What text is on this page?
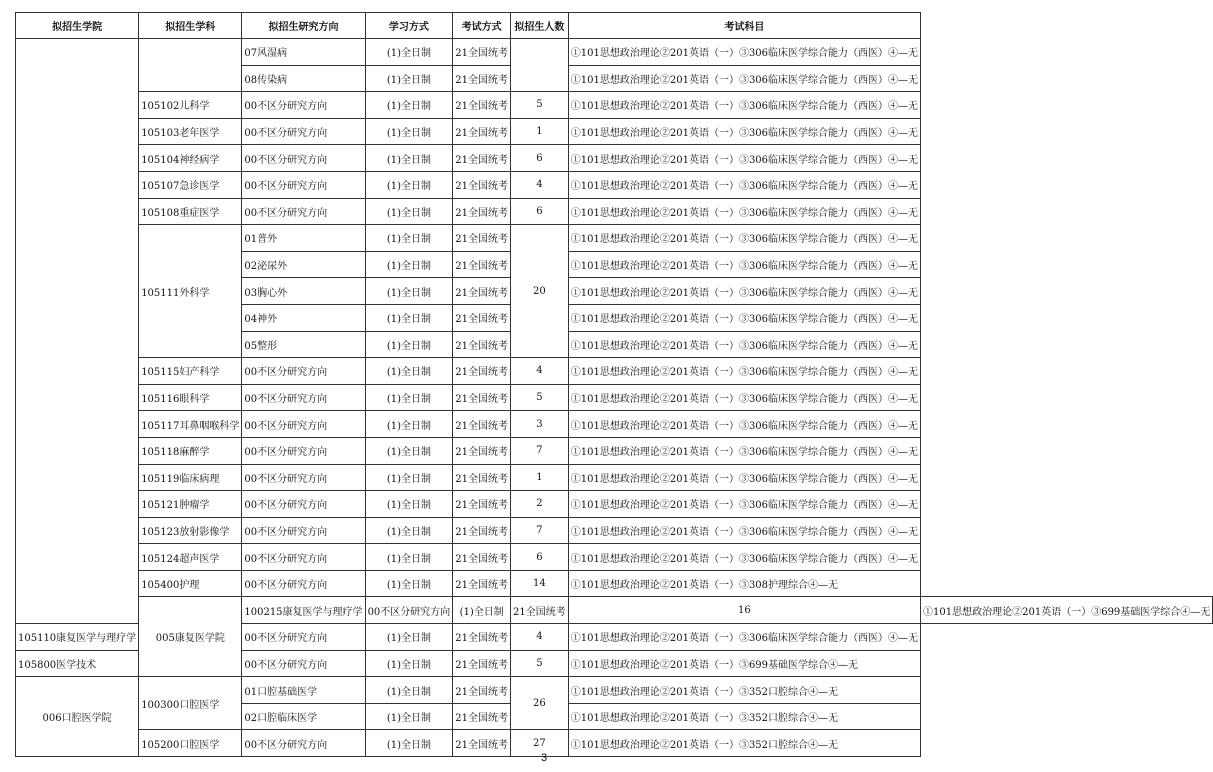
拟招生学院	拟招生学科	拟招生研究方向	学习方式	考试方式	拟招生人数	考试科目	
		07风湿病	(1)全日制	21全国统考		①101思想政治理论②201英语（一）③306临床医学综合能力（西医）④—无	
		08传染病	(1)全日制	21全国统考		①101思想政治理论②201英语（一）③306临床医学综合能力（西医）④—无	
	105102儿科学	00不区分研究方向	(1)全日制	21全国统考	5	①101思想政治理论②201英语（一）③306临床医学综合能力（西医）④—无	
	105103老年医学	00不区分研究方向	(1)全日制	21全国统考	1	①101思想政治理论②201英语（一）③306临床医学综合能力（西医）④—无	
	105104神经病学	00不区分研究方向	(1)全日制	21全国统考	6	①101思想政治理论②201英语（一）③306临床医学综合能力（西医）④—无	
	105107急诊医学	00不区分研究方向	(1)全日制	21全国统考	4	①101思想政治理论②201英语（一）③306临床医学综合能力（西医）④—无	
	105108重症医学	00不区分研究方向	(1)全日制	21全国统考	6	①101思想政治理论②201英语（一）③306临床医学综合能力（西医）④—无	
	105111外科学	01普外	(1)全日制	21全国统考	20	①101思想政治理论②201英语（一）③306临床医学综合能力（西医）④—无	
		02泌尿外	(1)全日制	21全国统考		①101思想政治理论②201英语（一）③306临床医学综合能力（西医）④—无	
		03胸心外	(1)全日制	21全国统考		①101思想政治理论②201英语（一）③306临床医学综合能力（西医）④—无	
		04神外	(1)全日制	21全国统考		①101思想政治理论②201英语（一）③306临床医学综合能力（西医）④—无	
		05整形	(1)全日制	21全国统考		①101思想政治理论②201英语（一）③306临床医学综合能力（西医）④—无	
	105115妇产科学	00不区分研究方向	(1)全日制	21全国统考	4	①101思想政治理论②201英语（一）③306临床医学综合能力（西医）④—无	
	105116眼科学	00不区分研究方向	(1)全日制	21全国统考	5	①101思想政治理论②201英语（一）③306临床医学综合能力（西医）④—无	
	105117耳鼻咽喉科学	00不区分研究方向	(1)全日制	21全国统考	3	①101思想政治理论②201英语（一）③306临床医学综合能力（西医）④—无	
	105118麻醉学	00不区分研究方向	(1)全日制	21全国统考	7	①101思想政治理论②201英语（一）③306临床医学综合能力（西医）④—无	
	105119临床病理	00不区分研究方向	(1)全日制	21全国统考	1	①101思想政治理论②201英语（一）③306临床医学综合能力（西医）④—无	
	105121肿瘤学	00不区分研究方向	(1)全日制	21全国统考	2	①101思想政治理论②201英语（一）③306临床医学综合能力（西医）④—无	
	105123放射影像学	00不区分研究方向	(1)全日制	21全国统考	7	①101思想政治理论②201英语（一）③306临床医学综合能力（西医）④—无	
	105124超声医学	00不区分研究方向	(1)全日制	21全国统考	6	①101思想政治理论②201英语（一）③306临床医学综合能力（西医）④—无	
	105400护理	00不区分研究方向	(1)全日制	21全国统考	14	①101思想政治理论②201英语（一）③308护理综合④—无	
	005康复医学院	100215康复医学与理疗学	00不区分研究方向	(1)全日制	21全国统考	16	①101思想政治理论②201英语（一）③699基础医学综合④—无
105110康复医学与理疗学		00不区分研究方向	(1)全日制	21全国统考	4	①101思想政治理论②201英语（一）③306临床医学综合能力（西医）④—无	
105800医学技术		00不区分研究方向	(1)全日制	21全国统考	5	①101思想政治理论②201英语（一）③699基础医学综合④—无	
006口腔医学院	100300口腔医学	01口腔基础医学	(1)全日制	21全国统考	26	①101思想政治理论②201英语（一）③352口腔综合④—无	
		02口腔临床医学	(1)全日制	21全国统考		①101思想政治理论②201英语（一）③352口腔综合④—无	
	105200口腔医学	00不区分研究方向	(1)全日制	21全国统考	27	①101思想政治理论②201英语（一）③352口腔综合④—无	
3
